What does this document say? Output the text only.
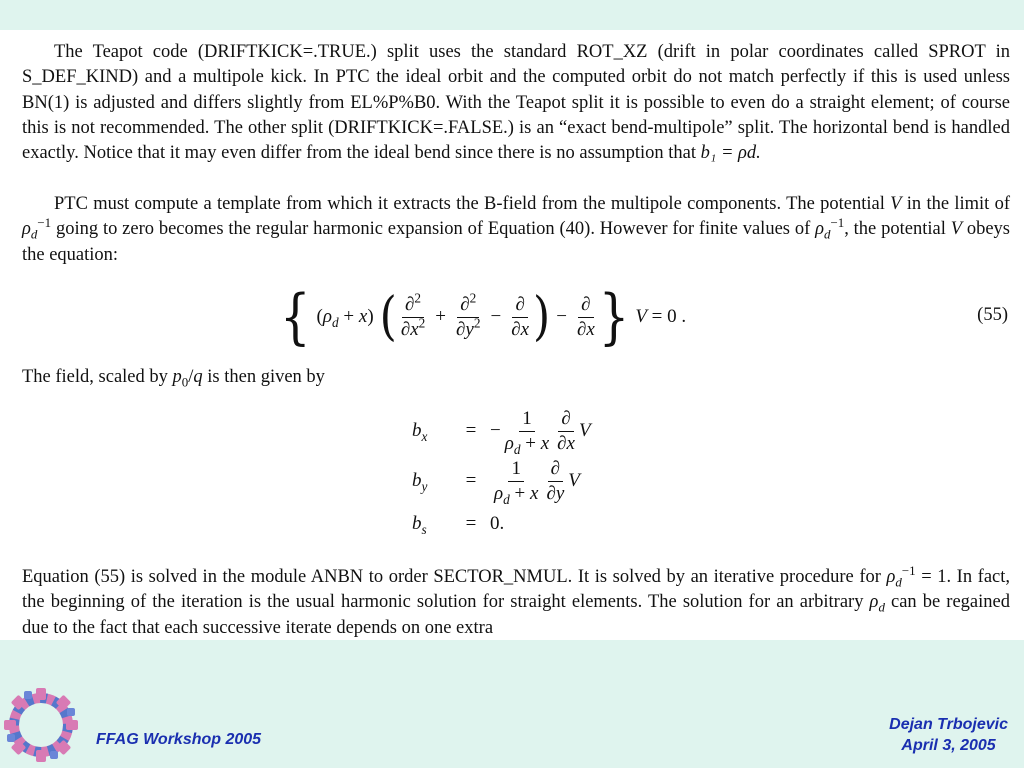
The Teapot code (DRIFTKICK=.TRUE.) split uses the standard ROT_XZ (drift in polar coordinates called SPROT in S_DEF_KIND) and a multipole kick. In PTC the ideal orbit and the computed orbit do not match perfectly if this is used unless BN(1) is adjusted and differs slightly from EL%P%B0. With the Teapot split it is possible to even do a straight element; of course this is not recommended. The other split (DRIFTKICK=.FALSE.) is an “exact bend-multipole” split. The horizontal bend is handled exactly. Notice that it may even differ from the ideal bend since there is no assumption that b₁ = ρd.

PTC must compute a template from which it extracts the B-field from the multipole components. The potential V in the limit of $\rho_d^{-1}$ going to zero becomes the regular harmonic expansion of Equation (40). However for finite values of $\rho_d^{-1}$, the potential V obeys the equation:

{ $(\rho_d + x)$ ( $\frac{\partial^2}{\partial x^2} + \frac{\partial^2}{\partial y^2} - \frac{\partial}{\partial x}$ ) − $\frac{\partial}{\partial x}$ } V = 0 .	(55)

The field, scaled by $p_0/q$ is then given by

$b_x$	= − $\frac{1}{\rho_d + x} \frac{\partial}{\partial x}$ V
$b_y$	= $\frac{1}{\rho_d + x} \frac{\partial}{\partial y}$ V
$b_s$	= 0.

Equation (55) is solved in the module ANBN to order SECTOR_NMUL. It is solved by an iterative procedure for $\rho_d^{-1} = 1$. In fact, the beginning of the iteration is the usual harmonic solution for straight elements. The solution for an arbitrary $\rho_d$ can be regained due to the fact that each successive iterate depends on one extra

FFAG Workshop 2005
Dejan Trbojevic
April 3, 2005
